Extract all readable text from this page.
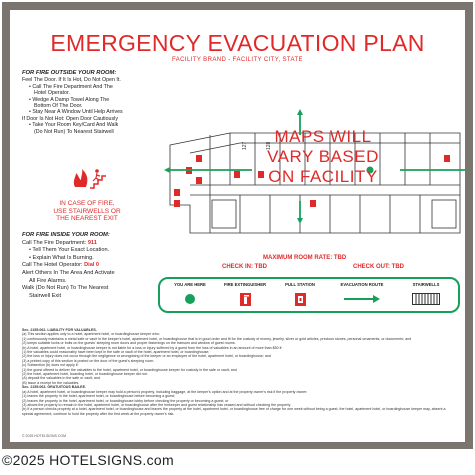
EMERGENCY EVACUATION PLAN
FACILITY BRAND - FACILITY CITY, STATE
FOR FIRE OUTSIDE YOUR ROOM:
Feel The Door. If It Is Hot, Do Not Open It.
• Call The Fire Department And The
Hotel Operator.
• Wedge A Damp Towel Along The
Bottom Of The Door.
• Stay Near A Window Until Help Arrives
If Door Is Not Hot: Open Door Cautiously
• Take Your Room Key/Card And Walk
(Do Not Run) To Nearest Stairwell
IN CASE OF FIRE,
USE STAIRWELLS OR
THE NEAREST EXIT
FOR FIRE INSIDE YOUR ROOM:
Call The Fire Department: 911
• Tell Them Your Exact Location.
• Explain What Is Burning.
Call The Hotel Operator: Dial 0
Alert Others In The Area And Activate
All Fire Alarms.
Walk (Do Not Run) To The Nearest
Stairwell Exit
127	128 MAPS WILL
VARY BASED
ON FACILITY
MAXIMUM ROOM RATE: TBD
CHECK IN: TBD	CHECK OUT: TBD
YOU ARE HERE	FIRE EXTINGUISHER	PULL STATION	EVACUATION ROUTE	STAIRWELLS
Sec. 2155.062. LIABILITY FOR VALUABLES.
(a) This section applies only to a hotel, apartment hotel, or boardinghouse keeper who:
(1) continuously maintains a metal safe or vault in the keeper's hotel, apartment hotel, or boardinghouse that is in good order and fit for the custody of money, jewelry, silver or gold articles, precious stones, personal ornaments, or documents; and
(2) keeps suitable locks or bolts on the guests' sleeping room doors and proper fastenings on the transom and window of guest rooms.
(b) A hotel, apartment hotel, or boardinghouse keeper is not liable for a loss or injury suffered by a guest from the loss of valuables in an amount of more than $50 if:
(1) the valuables could reasonably have been kept in the safe or vault of the hotel, apartment hotel, or boardinghouse;
(2) the loss or injury does not occur through the negligence or wrongdoing of the keeper or an employee of the hotel, apartment hotel, or boardinghouse; and
(3) a printed copy of this section is posted on the door of the guest's sleeping room.
(c) Subsection (b) does not apply if:
(1) the guest offered to deliver the valuables to the hotel, apartment hotel, or boardinghouse keeper for custody in the safe or vault; and
(2) the hotel, apartment hotel, boarding hotel, or boardinghouse keeper did not:
(A) deposit the valuables in the safe or vault; and
(B) issue a receipt for the valuables.
Sec. 2155.063. GRATUITOUS BAILEE.
(a) A hotel, apartment hotel, or boardinghouse keeper may hold a person's property, including baggage, at the keeper's option and at the property owner's risk if the property owner:
(1) leaves the property in the hotel, apartment hotel, or boardinghouse before becoming a guest;
(2) leaves the property in the hotel, apartment hotel, or boardinghouse lobby before checking the property or becoming a guest; or
(3) allows the property to remain in the hotel, apartment hotel, or boardinghouse after the innkeeper and guest relationship has ceased and without checking the property.
(b) If a person checks property at a hotel, apartment hotel, or boardinghouse and leaves the property at the hotel, apartment hotel, or boardinghouse free of charge for one week without being a guest, the hotel, apartment hotel, or boardinghouse keeper may, absent a special agreement, continue to hold the property after the first week at the property owner's risk.
© 2025 HOTELSIGNS.COM
©2025 HOTELSIGNS.com
